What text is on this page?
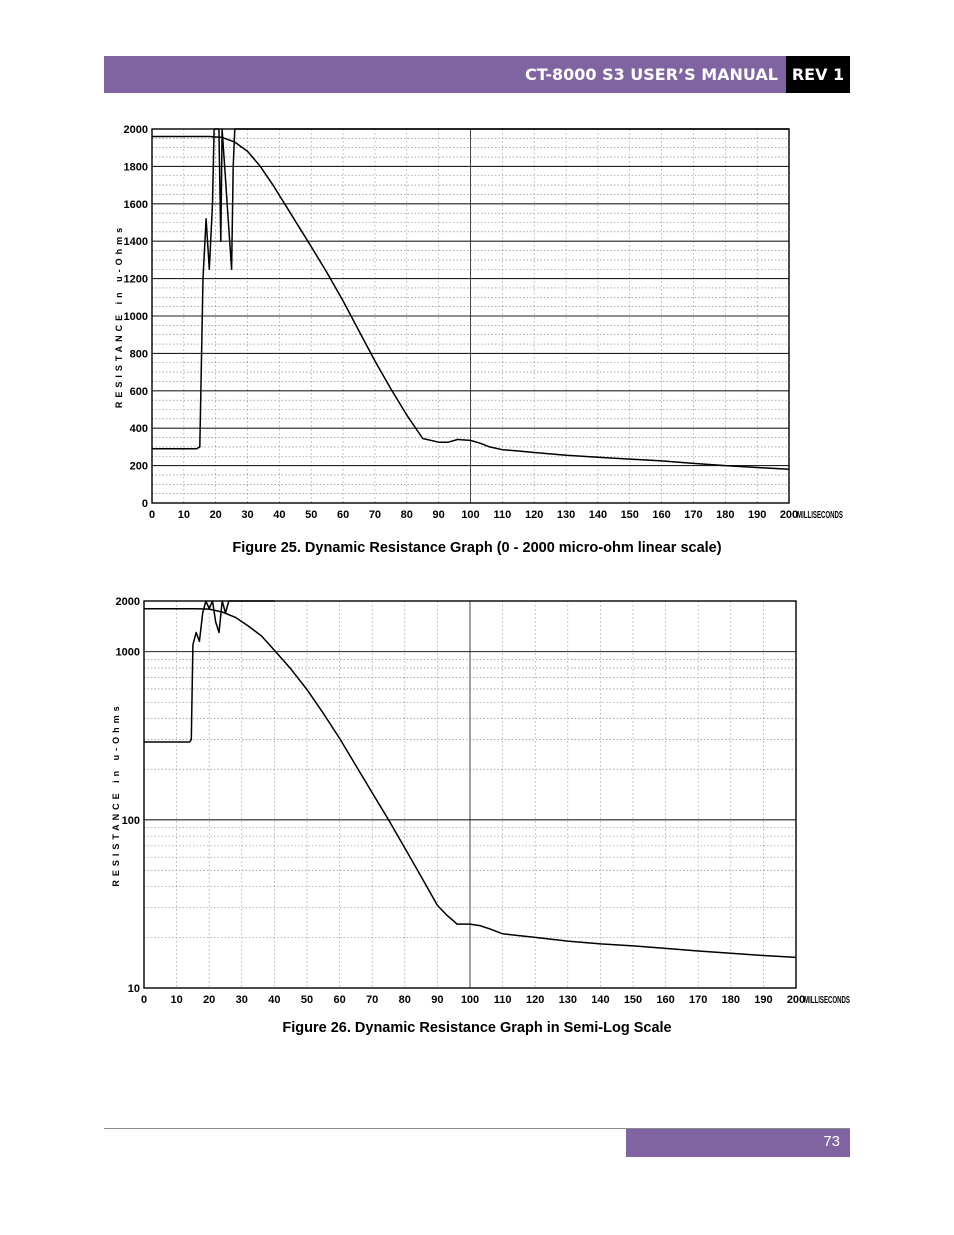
CT-8000 S3 USER’S MANUAL REV 1
0
200
400
600
800
1000
1200
1400
1600
1800
2000
0 10 20 30 40 50 60 70 80 90 100 110 120 130 140 150 160 170 180 190 200
MILLISECONDS
RESISTANCE in u-Ohms
Figure 25. Dynamic Resistance Graph (0 - 2000 micro-ohm linear scale)
10
100
1000
2000
0 10 20 30 40 50 60 70 80 90 100 110 120 130 140 150 160 170 180 190 200
MILLISECONDS
RESISTANCE in u-Ohms
Figure 26. Dynamic Resistance Graph in Semi-Log Scale
73
